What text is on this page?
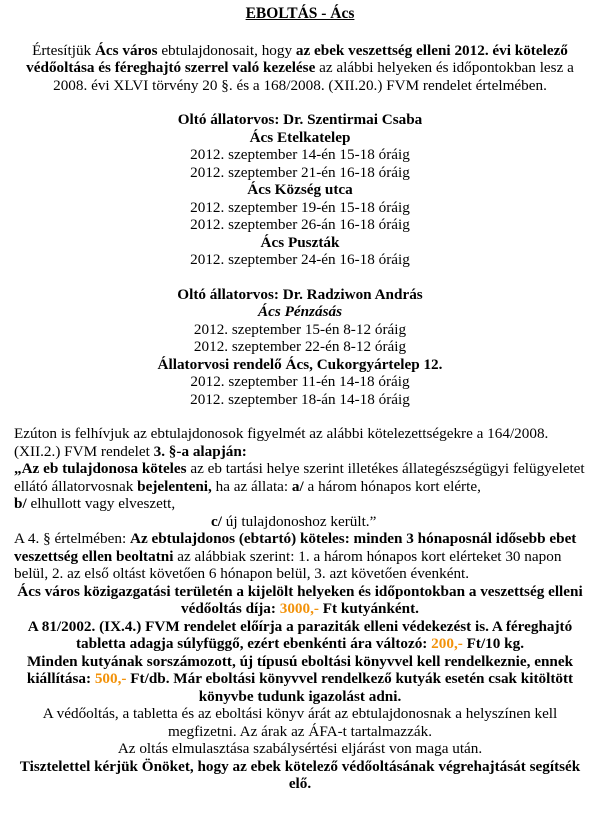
EBOLTÁS - Ács
Értesítjük Ács város ebtulajdonosait, hogy az ebek veszettség elleni 2012. évi kötelező védőoltása és féreghajtó szerrel való kezelése az alábbi helyeken és időpontokban lesz a 2008. évi XLVI törvény 20 §. és a 168/2008. (XII.20.) FVM rendelet értelmében.
Oltó állatorvos: Dr. Szentirmai Csaba
Ács Etelkatelep
2012. szeptember 14-én 15-18 óráig
2012. szeptember 21-én 16-18 óráig
Ács Község utca
2012. szeptember 19-én 15-18 óráig
2012. szeptember 26-án 16-18 óráig
Ács Puszták
2012. szeptember 24-én 16-18 óráig
Oltó állatorvos: Dr. Radziwon András
Ács Pénzásás
2012. szeptember 15-én 8-12 óráig
2012. szeptember 22-én 8-12 óráig
Állatorvosi rendelő Ács, Cukorgyártelep 12.
2012. szeptember 11-én 14-18 óráig
2012. szeptember 18-án 14-18 óráig
Ezúton is felhívjuk az ebtulajdonosok figyelmét az alábbi kötelezettségekre a 164/2008. (XII.2.) FVM rendelet 3. §-a alapján:
„Az eb tulajdonosa köteles az eb tartási helye szerint illetékes állategészségügyi felügyeletet ellátó állatorvosnak bejelenteni, ha az állata: a/ a három hónapos kort elérte,
b/ elhullott vagy elveszett,
c/ új tulajdonoshoz került.”
A 4. § értelmében: Az ebtulajdonos (ebtartó) köteles: minden 3 hónaposnál idősebb ebet veszettség ellen beoltatni az alábbiak szerint: 1. a három hónapos kort elérteket 30 napon belül, 2. az első oltást követően 6 hónapon belül, 3. azt követően évenként.
Ács város közigazgatási területén a kijelölt helyeken és időpontokban a veszettség elleni védőoltás díja: 3000,- Ft kutyánként.
A 81/2002. (IX.4.) FVM rendelet előírja a paraziták elleni védekezést is. A féreghajtó tabletta adagja súlyfüggő, ezért ebenkénti ára változó: 200,- Ft/10 kg.
Minden kutyának sorszámozott, új típusú eboltási könyvvel kell rendelkeznie, ennek kiállítása: 500,- Ft/db. Már eboltási könyvvel rendelkező kutyák esetén csak kitöltött könyvbe tudunk igazolást adni.
A védőoltás, a tabletta és az eboltási könyv árát az ebtulajdonosnak a helyszínen kell megfizetni. Az árak az ÁFA-t tartalmazzák.
Az oltás elmulasztása szabálysértési eljárást von maga után.
Tisztelettel kérjük Önöket, hogy az ebek kötelező védőoltásának végrehajtását segítsék elő.
